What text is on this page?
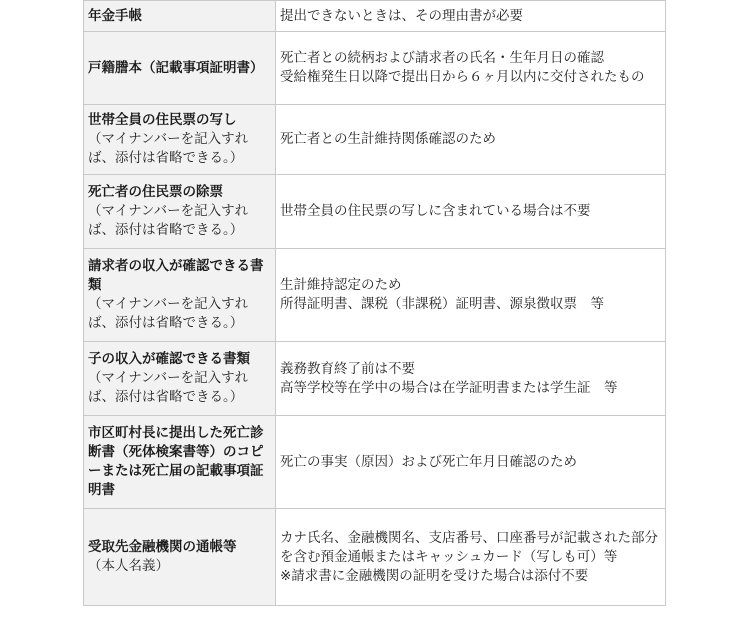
年金手帳	提出できないときは、その理由書が必要

戸籍謄本（記載事項証明書）	死亡者との続柄および請求者の氏名・生年月日の確認
受給権発生日以降で提出日から６ヶ月以内に交付されたもの

世帯全員の住民票の写し
（マイナンバーを記入すれば、添付は省略できる。）	死亡者との生計維持関係確認のため

死亡者の住民票の除票
（マイナンバーを記入すれば、添付は省略できる。）	世帯全員の住民票の写しに含まれている場合は不要

請求者の収入が確認できる書類
（マイナンバーを記入すれば、添付は省略できる。）	生計維持認定のため
所得証明書、課税（非課税）証明書、源泉徴収票　等

子の収入が確認できる書類
（マイナンバーを記入すれば、添付は省略できる。）	義務教育終了前は不要
高等学校等在学中の場合は在学証明書または学生証　等

市区町村長に提出した死亡診断書（死体検案書等）のコピーまたは死亡届の記載事項証明書	死亡の事実（原因）および死亡年月日確認のため

受取先金融機関の通帳等
（本人名義）	カナ氏名、金融機関名、支店番号、口座番号が記載された部分を含む預金通帳またはキャッシュカード（写しも可）等
※請求書に金融機関の証明を受けた場合は添付不要
